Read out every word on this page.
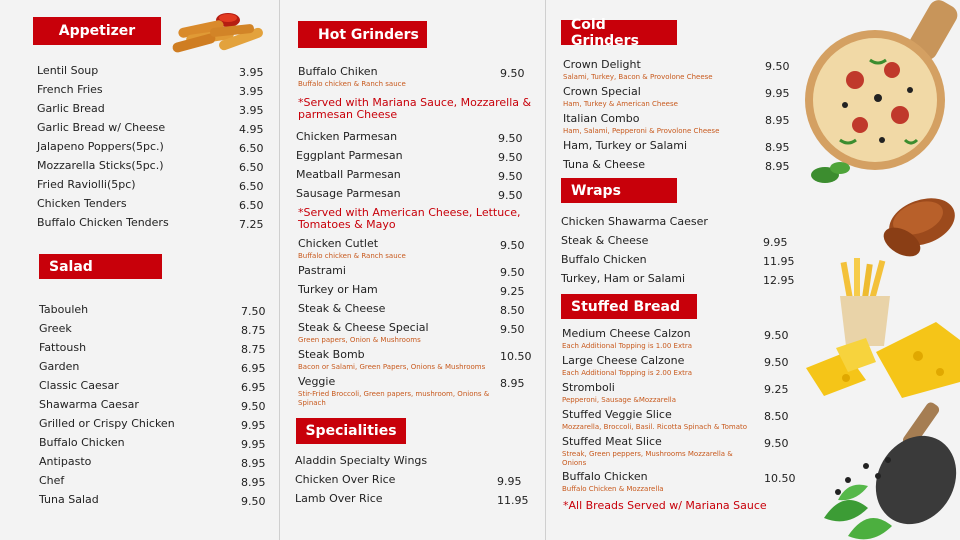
Appetizer
Lentil Soup	3.95
French Fries	3.95
Garlic Bread	3.95
Garlic Bread w/ Cheese	4.95
Jalapeno Poppers(5pc.)	6.50
Mozzarella Sticks(5pc.)	6.50
Fried Raviolli(5pc)	6.50
Chicken Tenders	6.50
Buffalo Chicken Tenders	7.25
Salad
Tabouleh	7.50
Greek	8.75
Fattoush	8.75
Garden	6.95
Classic Caesar	6.95
Shawarma Caesar	9.50
Grilled or Crispy Chicken	9.95
Buffalo Chicken	9.95
Antipasto	8.95
Chef	8.95
Tuna Salad	9.50
Hot Grinders
Buffalo Chiken	9.50
Buffalo chicken & Ranch sauce
*Served with Mariana Sauce, Mozzarella & parmesan Cheese
Chicken Parmesan	9.50
Eggplant Parmesan	9.50
Meatball Parmesan	9.50
Sausage Parmesan	9.50
*Served with American Cheese, Lettuce, Tomatoes & Mayo
Chicken Cutlet	9.50
Buffalo chicken & Ranch sauce
Pastrami	9.50
Turkey or Ham	9.25
Steak & Cheese	8.50
Steak & Cheese Special	9.50
Green papers, Onion & Mushrooms
Steak Bomb	10.50
Bacon or Salami, Green Papers, Onions & Mushrooms
Veggie	8.95
Stir-Fried Broccoli, Green papers, mushroom, Onions & Spinach
Specialities
Aladdin Specialty Wings
Chicken Over Rice	9.95
Lamb Over Rice	11.95
Cold Grinders
Crown Delight	9.50
Salami, Turkey, Bacon & Provolone Cheese
Crown Special	9.95
Ham, Turkey & American Cheese
Italian Combo	8.95
Ham, Salami, Pepperoni & Provolone Cheese
Ham, Turkey or Salami	8.95
Tuna & Cheese	8.95
Wraps
Chicken Shawarma Caeser
Steak & Cheese	9.95
Buffalo Chicken	11.95
Turkey, Ham or Salami	12.95
Stuffed Bread
Medium Cheese Calzon	9.50
Each Additional Topping is 1.00 Extra
Large Cheese Calzone	9.50
Each Additional Topping is 2.00 Extra
Stromboli	9.25
Pepperoni, Sausage &Mozzarella
Stuffed Veggie Slice	8.50
Mozzarella, Broccoli, Basil. Ricotta Spinach & Tomato
Stuffed Meat Slice	9.50
Streak, Green peppers, Mushrooms Mozzarella & Onions
Buffalo Chicken	10.50
Buffalo Chicken & Mozzarella
*All Breads Served w/ Mariana Sauce
